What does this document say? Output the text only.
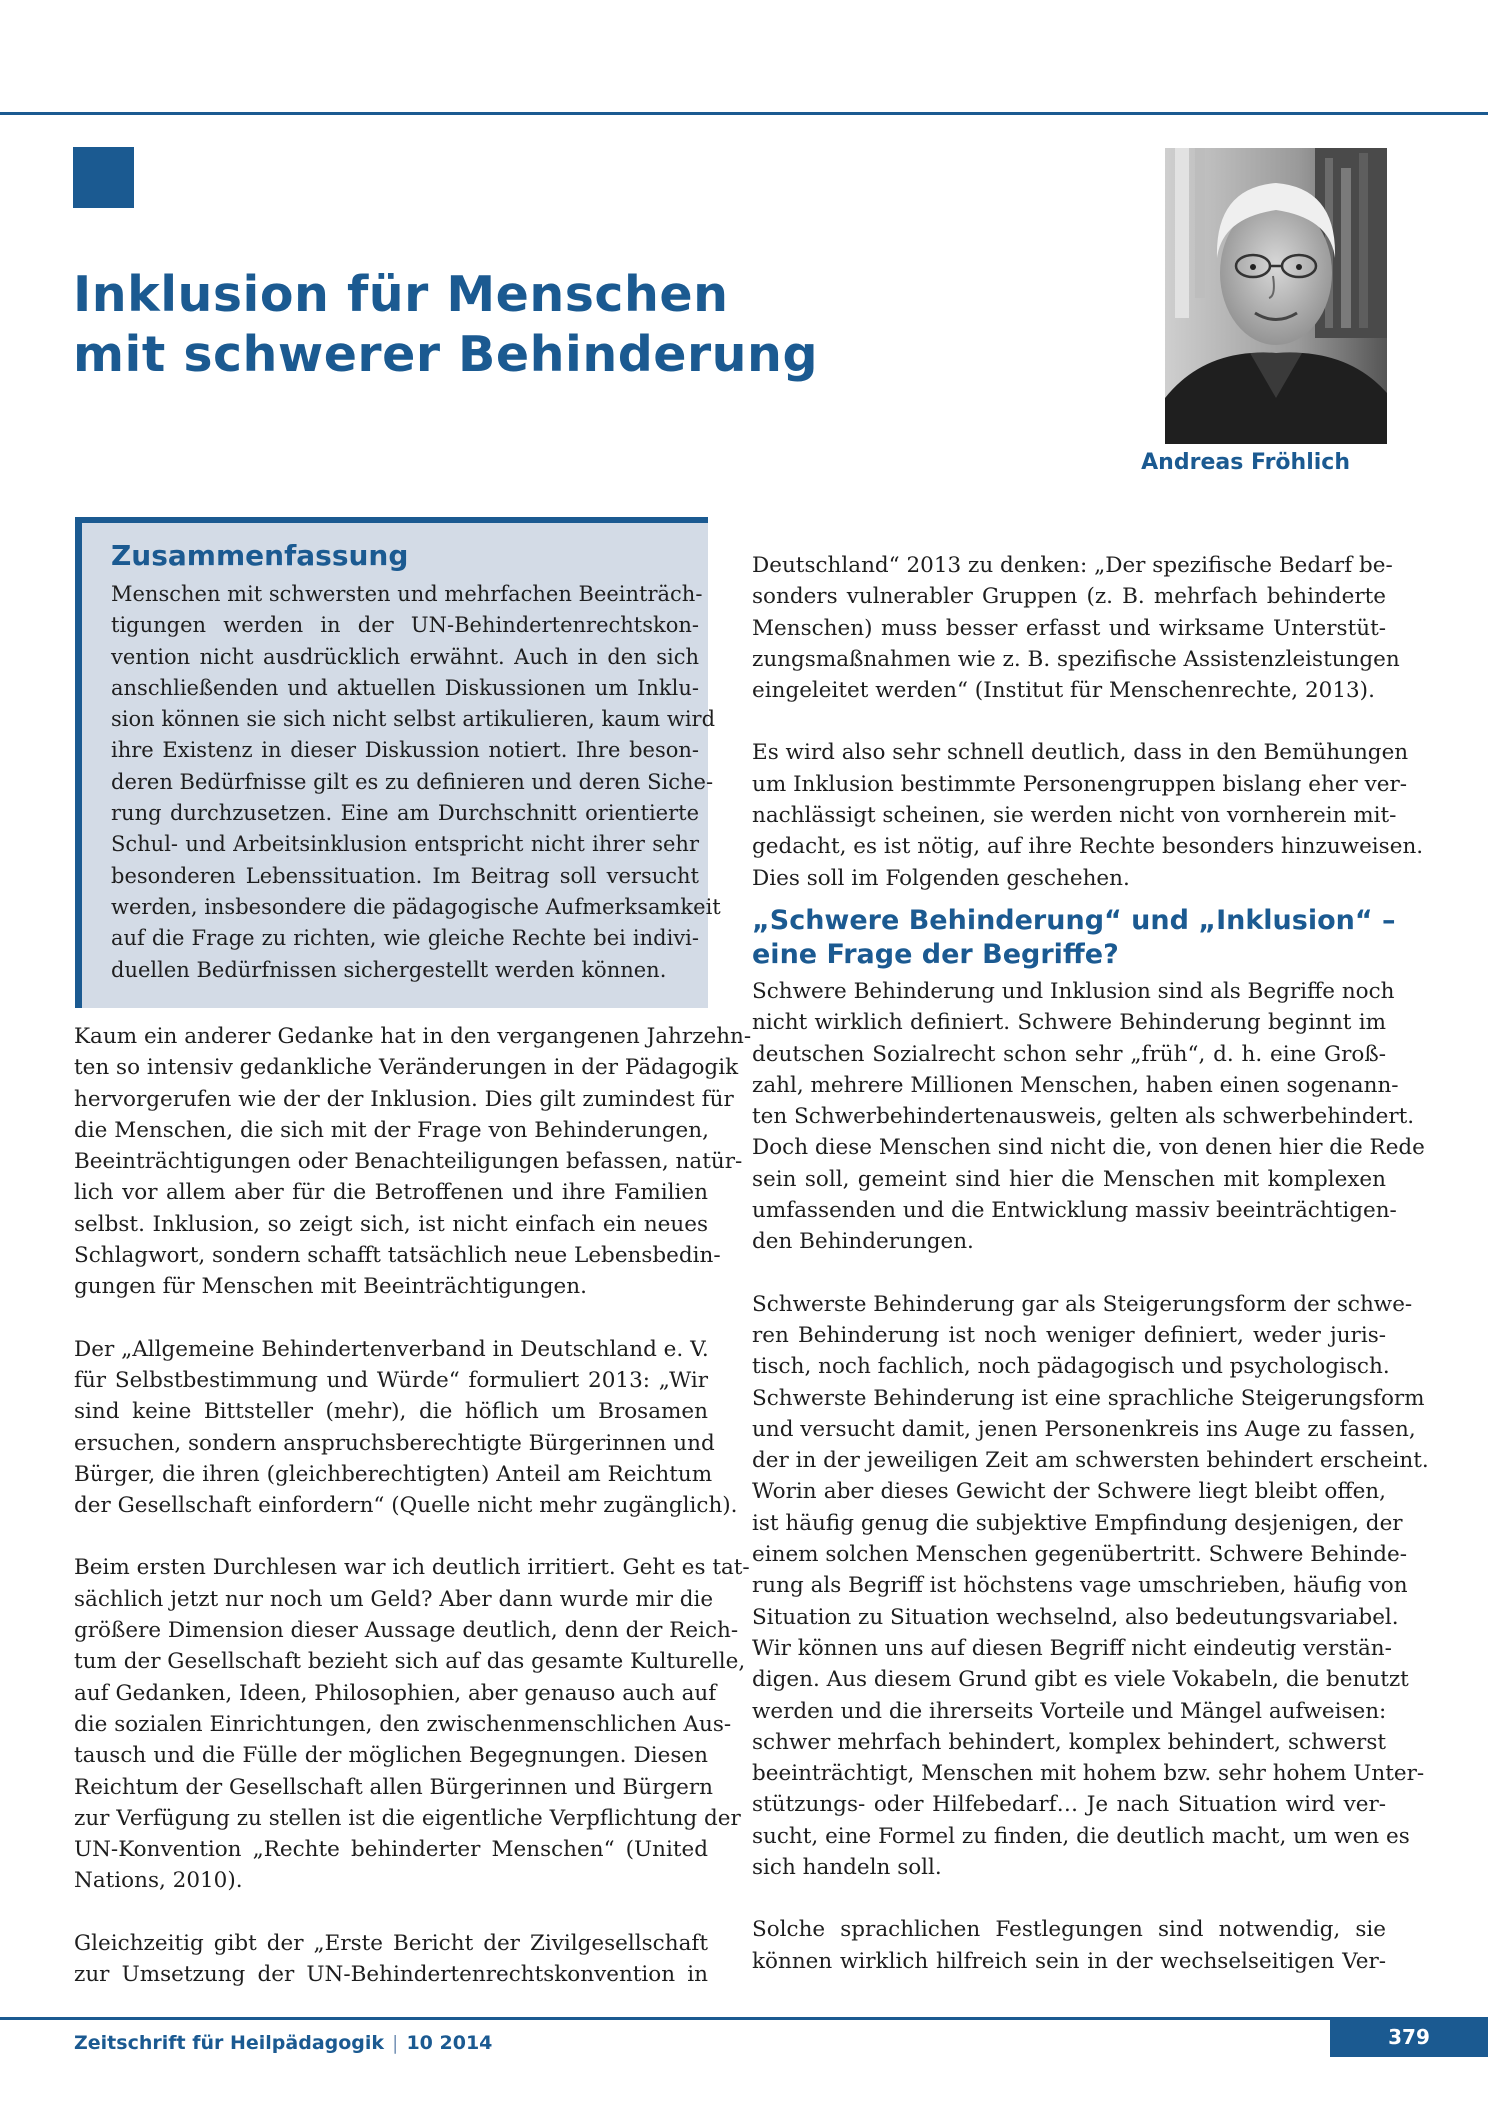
Inklusion für Menschen
mit schwerer Behinderung
Andreas Fröhlich
Zusammenfassung

Menschen mit schwersten und mehrfachen Beeinträch-
tigungen werden in der UN-Behindertenrechtskon-
vention nicht ausdrücklich erwähnt. Auch in den sich
anschließenden und aktuellen Diskussionen um Inklu-
sion können sie sich nicht selbst artikulieren, kaum wird
ihre Existenz in dieser Diskussion notiert. Ihre beson-
deren Bedürfnisse gilt es zu definieren und deren Siche-
rung durchzusetzen. Eine am Durchschnitt orientierte
Schul- und Arbeitsinklusion entspricht nicht ihrer sehr
besonderen Lebenssituation. Im Beitrag soll versucht
werden, insbesondere die pädagogische Aufmerksamkeit
auf die Frage zu richten, wie gleiche Rechte bei indivi-
duellen Bedürfnissen sichergestellt werden können.

Kaum ein anderer Gedanke hat in den vergangenen Jahrzehn-
ten so intensiv gedankliche Veränderungen in der Pädagogik
hervorgerufen wie der der Inklusion. Dies gilt zumindest für
die Menschen, die sich mit der Frage von Behinderungen,
Beeinträchtigungen oder Benachteiligungen befassen, natür-
lich vor allem aber für die Betroffenen und ihre Familien
selbst. Inklusion, so zeigt sich, ist nicht einfach ein neues
Schlagwort, sondern schafft tatsächlich neue Lebensbedin-
gungen für Menschen mit Beeinträchtigungen.

Der „Allgemeine Behindertenverband in Deutschland e. V.
für Selbstbestimmung und Würde“ formuliert 2013: „Wir
sind keine Bittsteller (mehr), die höflich um Brosamen
ersuchen, sondern anspruchsberechtigte Bürgerinnen und
Bürger, die ihren (gleichberechtigten) Anteil am Reichtum
der Gesellschaft einfordern“ (Quelle nicht mehr zugänglich).

Beim ersten Durchlesen war ich deutlich irritiert. Geht es tat-
sächlich jetzt nur noch um Geld? Aber dann wurde mir die
größere Dimension dieser Aussage deutlich, denn der Reich-
tum der Gesellschaft bezieht sich auf das gesamte Kulturelle,
auf Gedanken, Ideen, Philosophien, aber genauso auch auf
die sozialen Einrichtungen, den zwischenmenschlichen Aus-
tausch und die Fülle der möglichen Begegnungen. Diesen
Reichtum der Gesellschaft allen Bürgerinnen und Bürgern
zur Verfügung zu stellen ist die eigentliche Verpflichtung der
UN-Konvention „Rechte behinderter Menschen“ (United
Nations, 2010).

Gleichzeitig gibt der „Erste Bericht der Zivilgesellschaft
zur Umsetzung der UN-Behindertenrechtskonvention in

Deutschland“ 2013 zu denken: „Der spezifische Bedarf be-
sonders vulnerabler Gruppen (z. B. mehrfach behinderte
Menschen) muss besser erfasst und wirksame Unterstüt-
zungsmaßnahmen wie z. B. spezifische Assistenzleistungen
eingeleitet werden“ (Institut für Menschenrechte, 2013).

Es wird also sehr schnell deutlich, dass in den Bemühungen
um Inklusion bestimmte Personengruppen bislang eher ver-
nachlässigt scheinen, sie werden nicht von vornherein mit-
gedacht, es ist nötig, auf ihre Rechte besonders hinzuweisen.
Dies soll im Folgenden geschehen.

„Schwere Behinderung“ und „Inklusion“ –
eine Frage der Begriffe?

Schwere Behinderung und Inklusion sind als Begriffe noch
nicht wirklich definiert. Schwere Behinderung beginnt im
deutschen Sozialrecht schon sehr „früh“, d. h. eine Groß-
zahl, mehrere Millionen Menschen, haben einen sogenann-
ten Schwerbehindertenausweis, gelten als schwerbehindert.
Doch diese Menschen sind nicht die, von denen hier die Rede
sein soll, gemeint sind hier die Menschen mit komplexen
umfassenden und die Entwicklung massiv beeinträchtigen-
den Behinderungen.

Schwerste Behinderung gar als Steigerungsform der schwe-
ren Behinderung ist noch weniger definiert, weder juris-
tisch, noch fachlich, noch pädagogisch und psychologisch.
Schwerste Behinderung ist eine sprachliche Steigerungsform
und versucht damit, jenen Personenkreis ins Auge zu fassen,
der in der jeweiligen Zeit am schwersten behindert erscheint.
Worin aber dieses Gewicht der Schwere liegt bleibt offen,
ist häufig genug die subjektive Empfindung desjenigen, der
einem solchen Menschen gegenübertritt. Schwere Behinde-
rung als Begriff ist höchstens vage umschrieben, häufig von
Situation zu Situation wechselnd, also bedeutungsvariabel.
Wir können uns auf diesen Begriff nicht eindeutig verstän-
digen. Aus diesem Grund gibt es viele Vokabeln, die benutzt
werden und die ihrerseits Vorteile und Mängel aufweisen:
schwer mehrfach behindert, komplex behindert, schwerst
beeinträchtigt, Menschen mit hohem bzw. sehr hohem Unter-
stützungs- oder Hilfebedarf… Je nach Situation wird ver-
sucht, eine Formel zu finden, die deutlich macht, um wen es
sich handeln soll.

Solche sprachlichen Festlegungen sind notwendig, sie
können wirklich hilfreich sein in der wechselseitigen Ver-

Zeitschrift für Heilpädagogik | 10 2014	379
